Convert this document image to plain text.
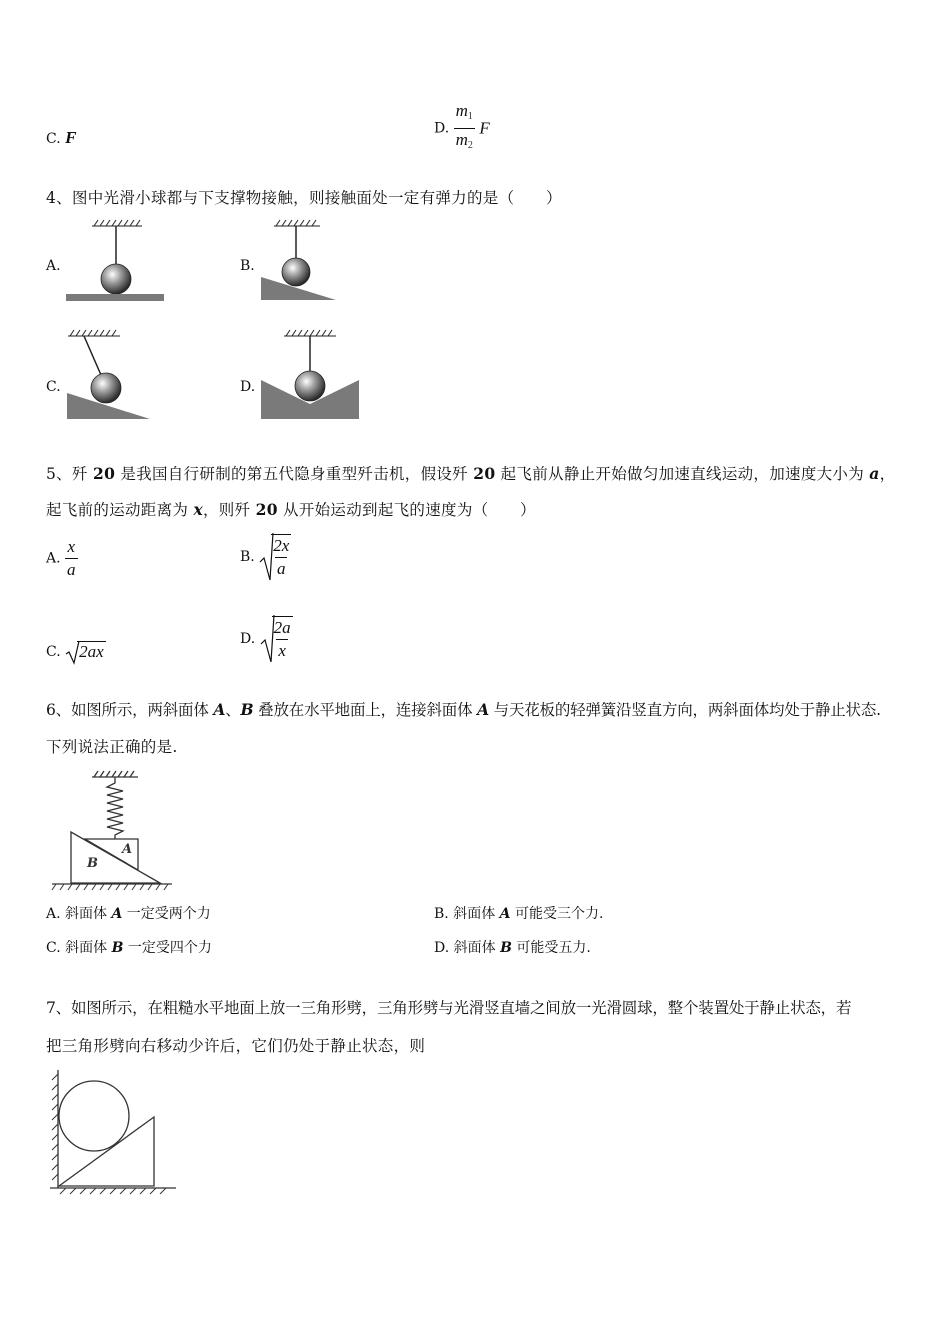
C. F	D. $\frac{m_1}{m_2}$ F
4、图中光滑小球都与下支撑物接触，则接触面处一定有弹力的是（　　）
A.	B.
C.	D.
5、歼 20 是我国自行研制的第五代隐身重型歼击机，假设歼 20 起飞前从静止开始做匀加速直线运动，加速度大小为 a，
起飞前的运动距离为 x，则歼 20 从开始运动到起飞的速度为（　　）
A. $\frac{x}{a}$	B. $\frac{2x}{a}$
C. 2ax
D. $\frac{2a}{x}$
6、如图所示，两斜面体 A、B 叠放在水平地面上，连接斜面体 A 与天花板的轻弹簧沿竖直方向，两斜面体均处于静止状态.
下列说法正确的是.
A
B
A. 斜面体 A 一定受两个力	B. 斜面体 A 可能受三个力.
C. 斜面体 B 一定受四个力	D. 斜面体 B 可能受五力.
7、如图所示，在粗糙水平地面上放一三角形劈，三角形劈与光滑竖直墙之间放一光滑圆球，整个装置处于静止状态，若
把三角形劈向右移动少许后，它们仍处于静止状态，则
